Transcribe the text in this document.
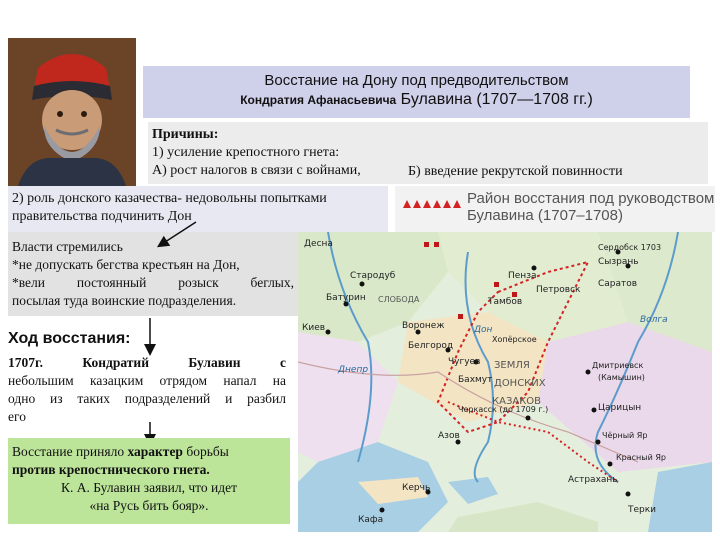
Восстание на Дону под предводительством
Кондратия Афанасьевича Булавина (1707—1708 гг.)
Причины:
1) усиление крепостного гнета:
А) рост налогов в связи с войнами,	Б) введение рекрутской повинности
2) роль донского казачества- недовольны попытками
правительства подчинить Дон
Район восстания под руководством
Булавина (1707–1708)
Власти стремились
*не допускать бегства крестьян на Дон,
*вели постоянный розыск беглых,
посылая туда воинские подразделения.
Ход восстания:
1707г. Кондратий Булавин с
небольшим казацким отрядом напал на
одно из таких подразделений и разбил
его
Восстание приняло характер борьбы
против крепостнического гнета.
К. А. Булавин заявил, что идет
«на Русь бить бояр».
Десна
Стародуб
СЛОБОДА
Батурин
Киев	Воронеж
Белгород
Чугуев
Бахмут
ЗЕМЛЯ
ДОНСКИХ
КАЗАКОВ
Черкасск (до 1709 г.)
Азов
Керчь
Кафа
Пенза
Тамбов
Петровск
Саратов
Сызрань
Сердобск 1703
Хопёрское
Дмитриевск
(Камышин)
Царицын
Чёрный Яр
Красный Яр
Астрахань
Терки
Волга
Дон
Днепр
